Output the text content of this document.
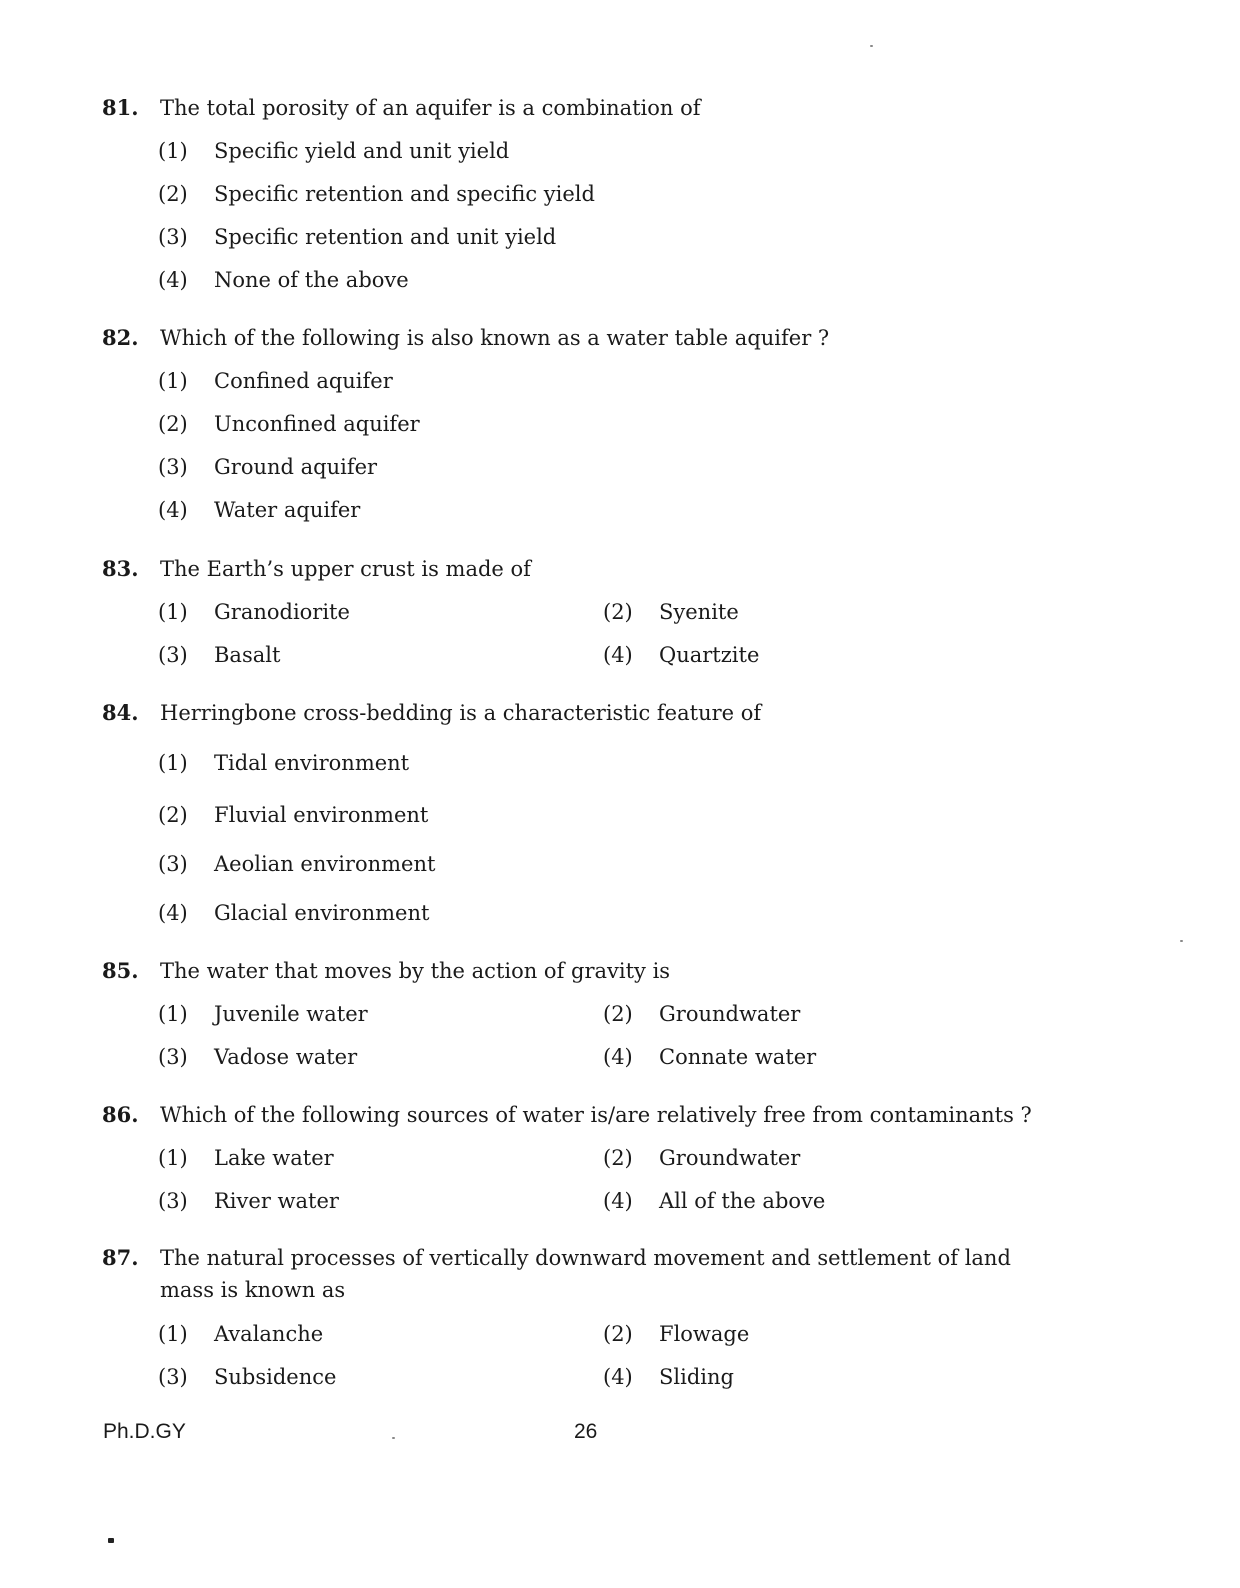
81. The total porosity of an aquifer is a combination of
(1) Specific yield and unit yield
(2) Specific retention and specific yield
(3) Specific retention and unit yield
(4) None of the above
82. Which of the following is also known as a water table aquifer ?
(1) Confined aquifer
(2) Unconfined aquifer
(3) Ground aquifer
(4) Water aquifer
83. The Earth’s upper crust is made of
(1) Granodiorite	(2) Syenite
(3) Basalt	(4) Quartzite
84. Herringbone cross-bedding is a characteristic feature of
(1) Tidal environment
(2) Fluvial environment
(3) Aeolian environment
(4) Glacial environment
85. The water that moves by the action of gravity is
(1) Juvenile water	(2) Groundwater
(3) Vadose water	(4) Connate water
86. Which of the following sources of water is/are relatively free from contaminants ?
(1) Lake water	(2) Groundwater
(3) River water	(4) All of the above
87. The natural processes of vertically downward movement and settlement of land mass is known as
(1) Avalanche	(2) Flowage
(3) Subsidence	(4) Sliding
Ph.D.GY	26
